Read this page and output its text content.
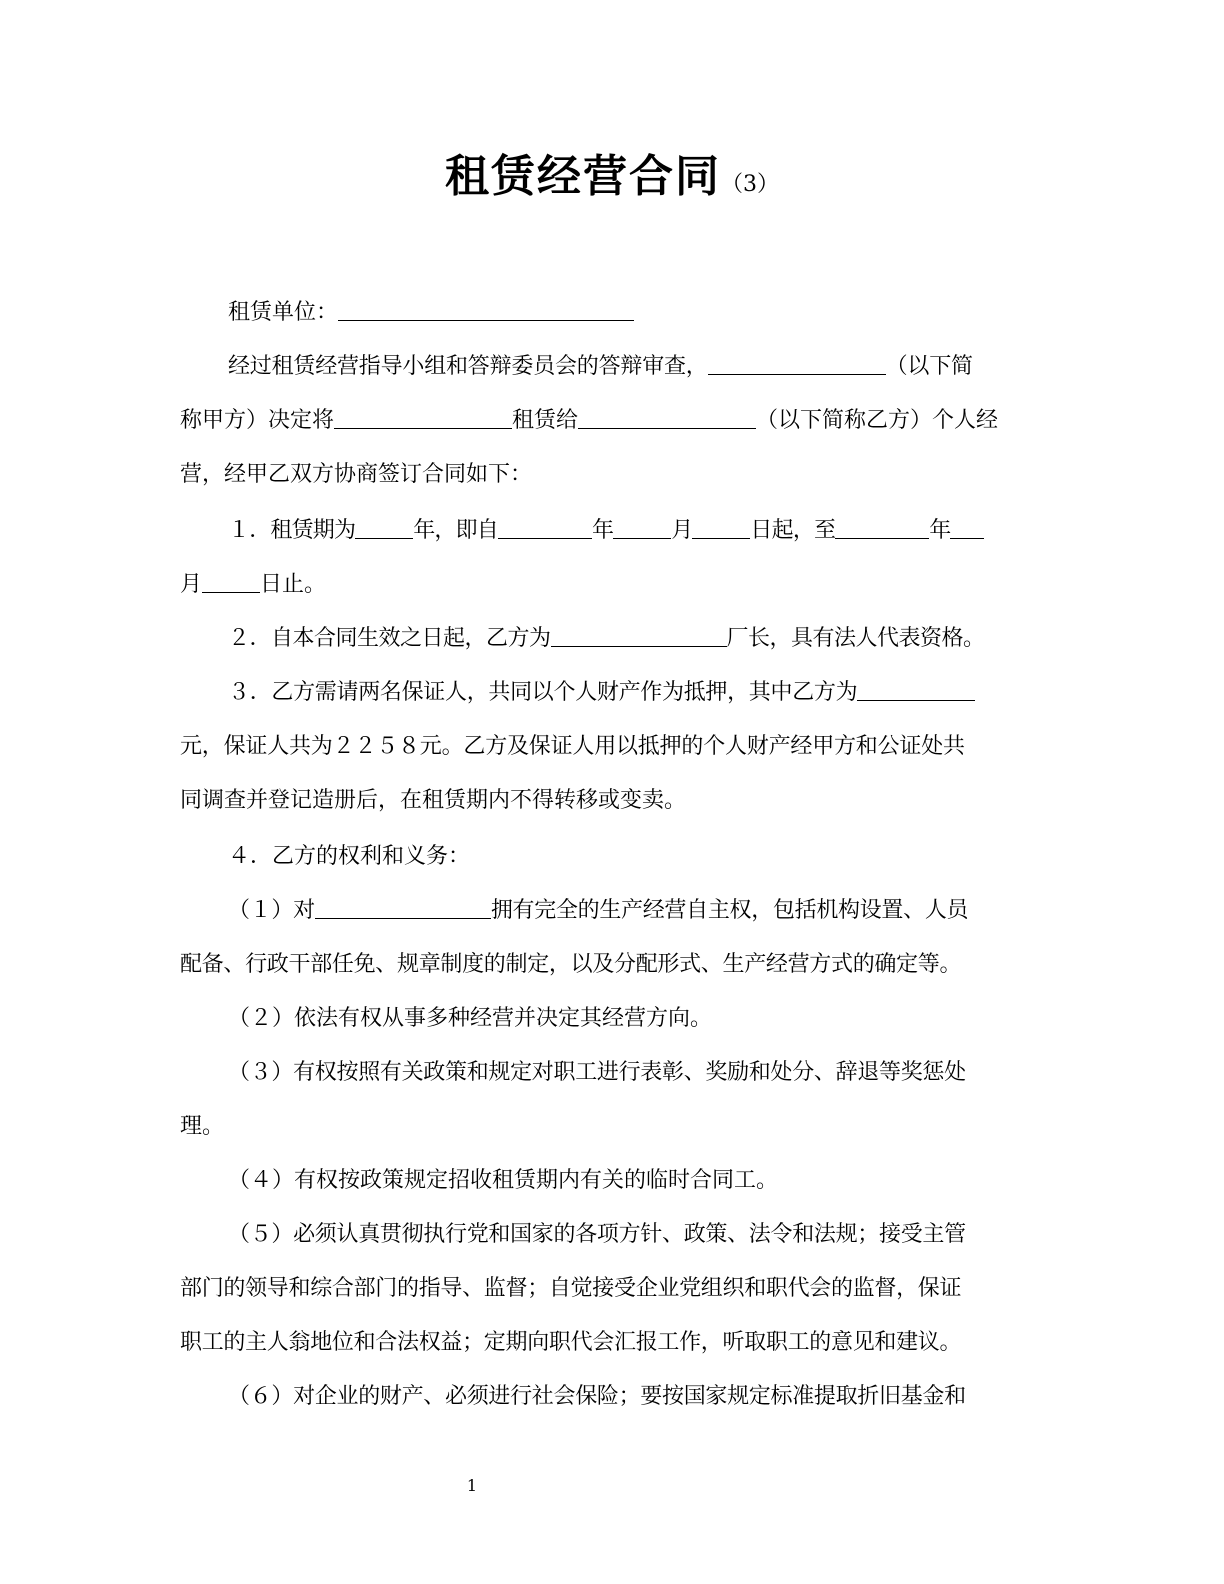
租赁经营合同（3）
租赁单位：
经过租赁经营指导小组和答辩委员会的答辩审查，	（以下简
称甲方）决定将	租赁给	（以下简称乙方）个人经
营，经甲乙双方协商签订合同如下：
１．租赁期为	年，即自	年	月	日起，至	年
月	日止。
２．自本合同生效之日起，乙方为	厂长，具有法人代表资格。
３．乙方需请两名保证人，共同以个人财产作为抵押，其中乙方为
元，保证人共为２２５８元。乙方及保证人用以抵押的个人财产经甲方和公证处共
同调查并登记造册后，在租赁期内不得转移或变卖。
４．乙方的权利和义务：
（１）对	拥有完全的生产经营自主权，包括机构设置、人员
配备、行政干部任免、规章制度的制定，以及分配形式、生产经营方式的确定等。
（２）依法有权从事多种经营并决定其经营方向。
（３）有权按照有关政策和规定对职工进行表彰、奖励和处分、辞退等奖惩处
理。
（４）有权按政策规定招收租赁期内有关的临时合同工。
（５）必须认真贯彻执行党和国家的各项方针、政策、法令和法规；接受主管
部门的领导和综合部门的指导、监督；自觉接受企业党组织和职代会的监督，保证
职工的主人翁地位和合法权益；定期向职代会汇报工作，听取职工的意见和建议。
（６）对企业的财产、必须进行社会保险；要按国家规定标准提取折旧基金和
1
